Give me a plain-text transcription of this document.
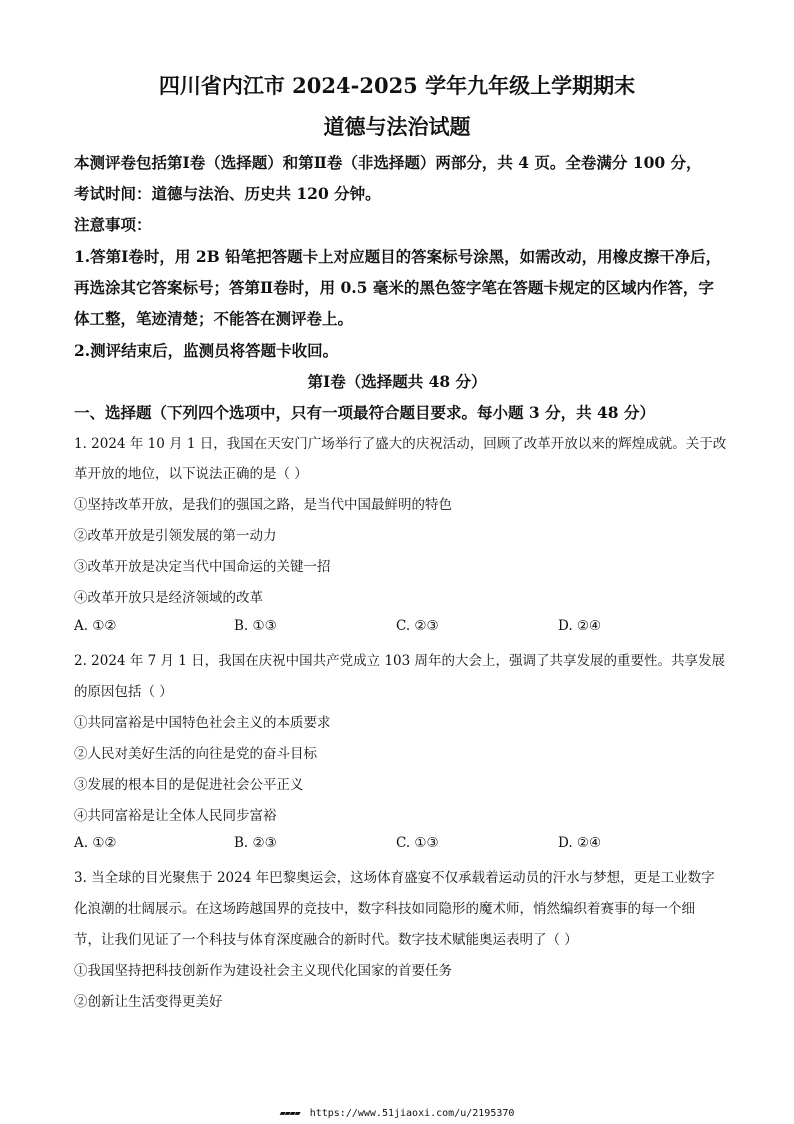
四川省内江市 2024-2025 学年九年级上学期期末
道德与法治试题
本测评卷包括第Ⅰ卷（选择题）和第Ⅱ卷（非选择题）两部分，共 4 页。全卷满分 100 分，
考试时间：道德与法治、历史共 120 分钟。
注意事项：
1.答第Ⅰ卷时，用 2B 铅笔把答题卡上对应题目的答案标号涂黑，如需改动，用橡皮擦干净后，
再选涂其它答案标号；答第Ⅱ卷时，用 0.5 毫米的黑色签字笔在答题卡规定的区域内作答，字
体工整，笔迹清楚；不能答在测评卷上。
2.测评结束后，监测员将答题卡收回。
第Ⅰ卷（选择题共 48 分）
一、选择题（下列四个选项中，只有一项最符合题目要求。每小题 3 分，共 48 分）
1. 2024 年 10 月 1 日，我国在天安门广场举行了盛大的庆祝活动，回顾了改革开放以来的辉煌成就。关于改
革开放的地位，以下说法正确的是（ ）
①坚持改革开放，是我们的强国之路，是当代中国最鲜明的特色
②改革开放是引领发展的第一动力
③改革开放是决定当代中国命运的关键一招
④改革开放只是经济领域的改革
A. ①②	B. ①③	C. ②③	D. ②④
2. 2024 年 7 月 1 日，我国在庆祝中国共产党成立 103 周年的大会上，强调了共享发展的重要性。共享发展
的原因包括（ ）
①共同富裕是中国特色社会主义的本质要求
②人民对美好生活的向往是党的奋斗目标
③发展的根本目的是促进社会公平正义
④共同富裕是让全体人民同步富裕
A. ①②	B. ②③	C. ①③	D. ②④
3. 当全球的目光聚焦于 2024 年巴黎奥运会，这场体育盛宴不仅承载着运动员的汗水与梦想，更是工业数字
化浪潮的壮阔展示。在这场跨越国界的竞技中，数字科技如同隐形的魔术师，悄然编织着赛事的每一个细
节，让我们见证了一个科技与体育深度融合的新时代。数字技术赋能奥运表明了（ ）
①我国坚持把科技创新作为建设社会主义现代化国家的首要任务
②创新让生活变得更美好
▰▰▰▰ https://www.51jiaoxi.com/u/2195370
